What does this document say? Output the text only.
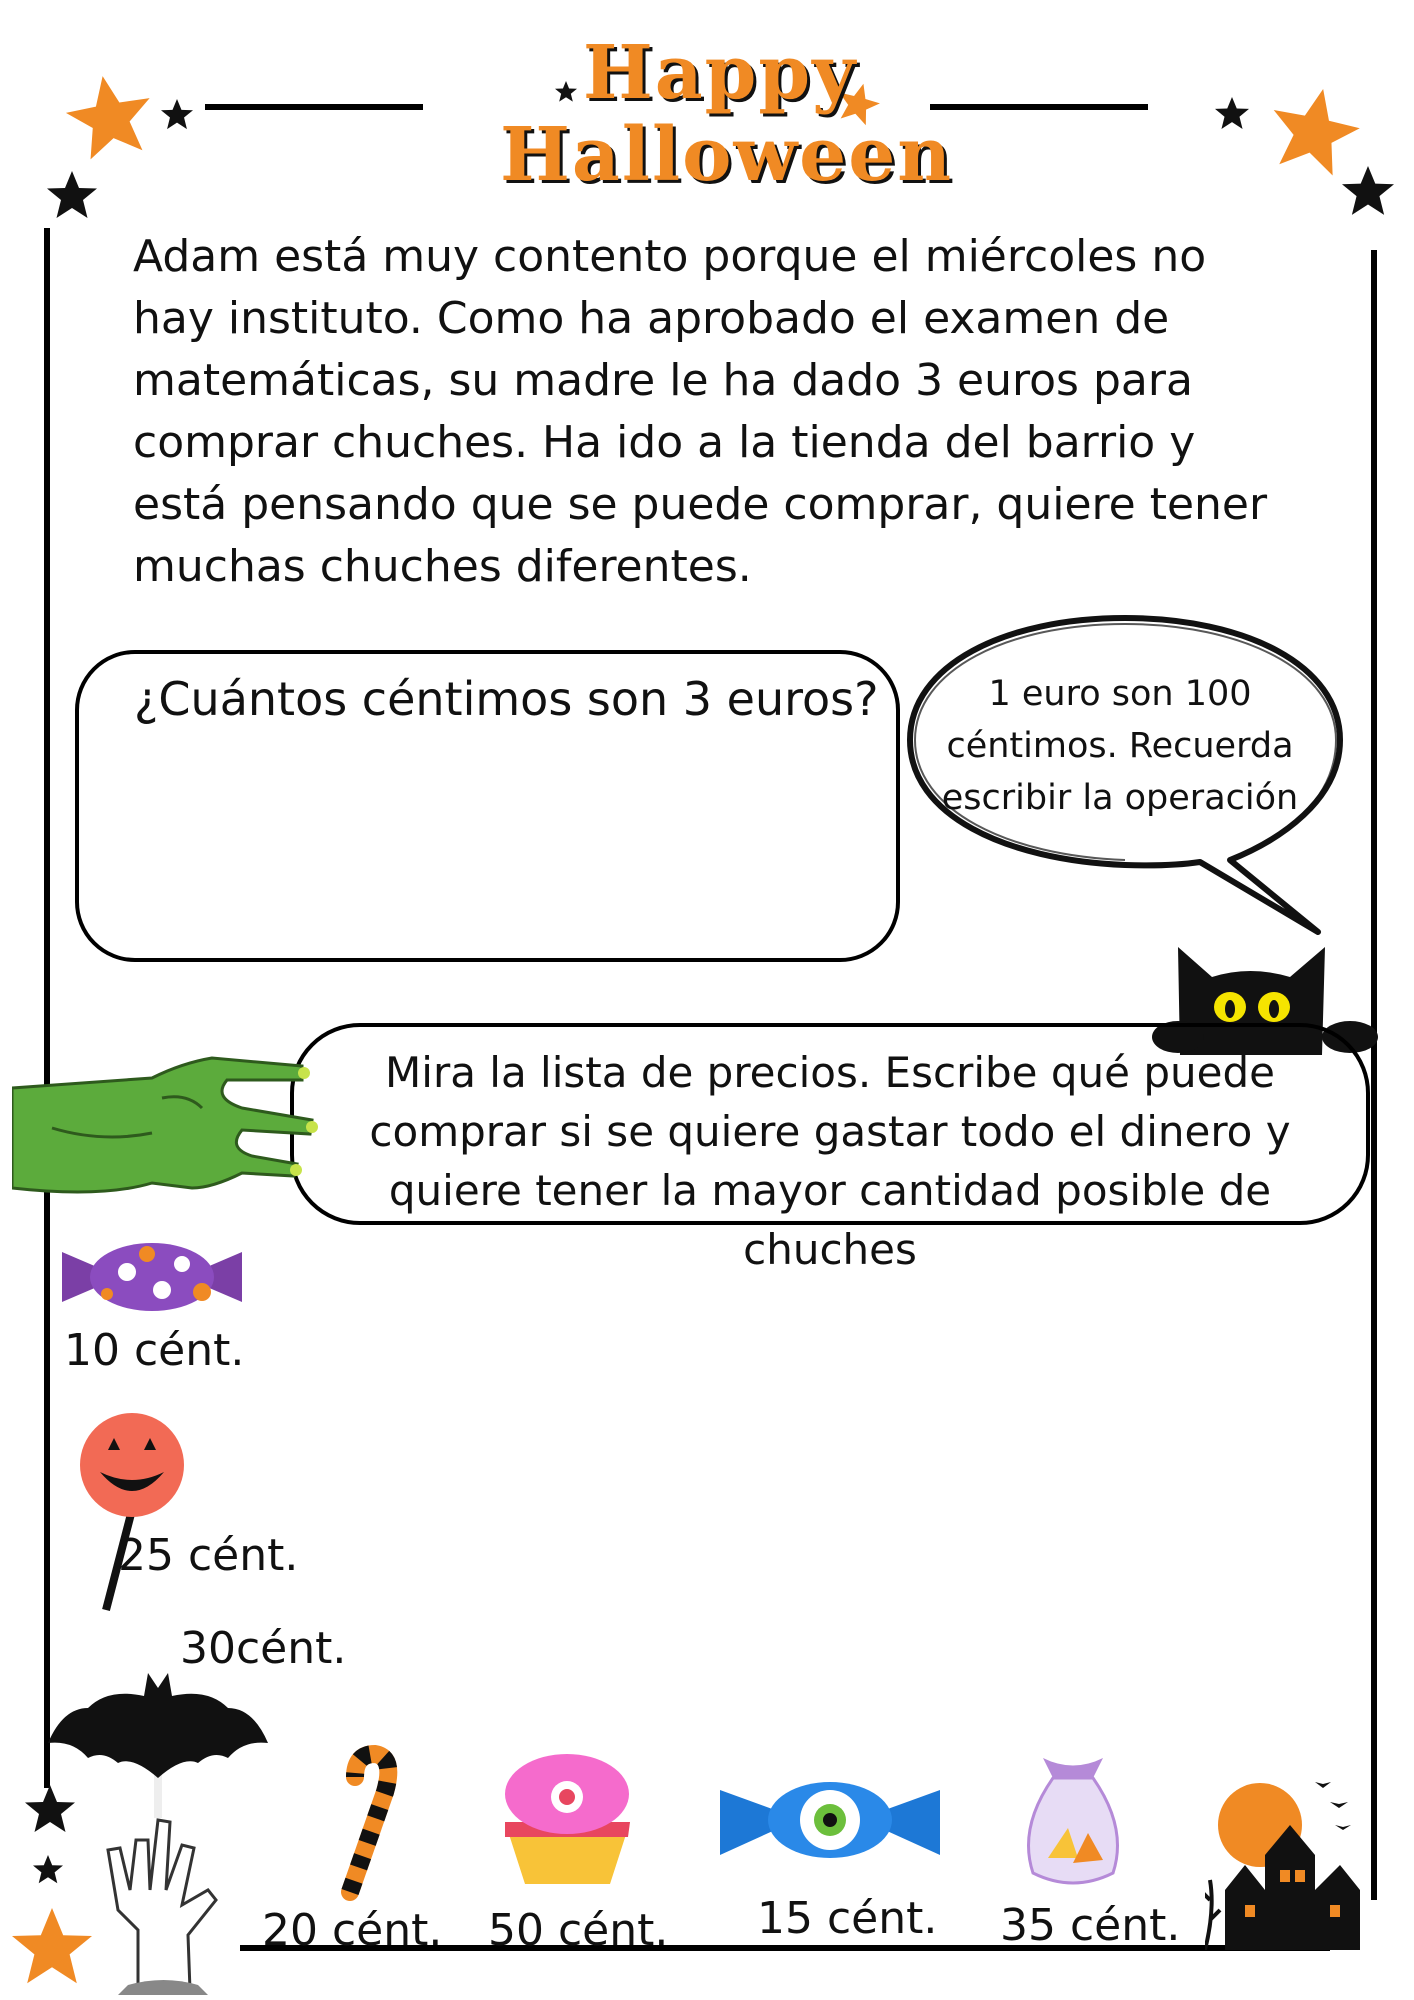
Happy
Halloween
Adam está muy contento porque el miércoles no hay instituto. Como ha aprobado el examen de matemáticas, su madre le ha dado 3 euros para comprar chuches. Ha ido a la tienda del barrio y está pensando que se puede comprar, quiere tener muchas chuches diferentes.
¿Cuántos céntimos son 3 euros?	1 euro son 100 céntimos. Recuerda escribir la operación
Mira la lista de precios. Escribe qué puede comprar si se quiere gastar todo el dinero y quiere tener la mayor cantidad posible de chuches
10 cént.
25 cént.
30cént.
20 cént. 50 cént. 15 cént. 35 cént.
